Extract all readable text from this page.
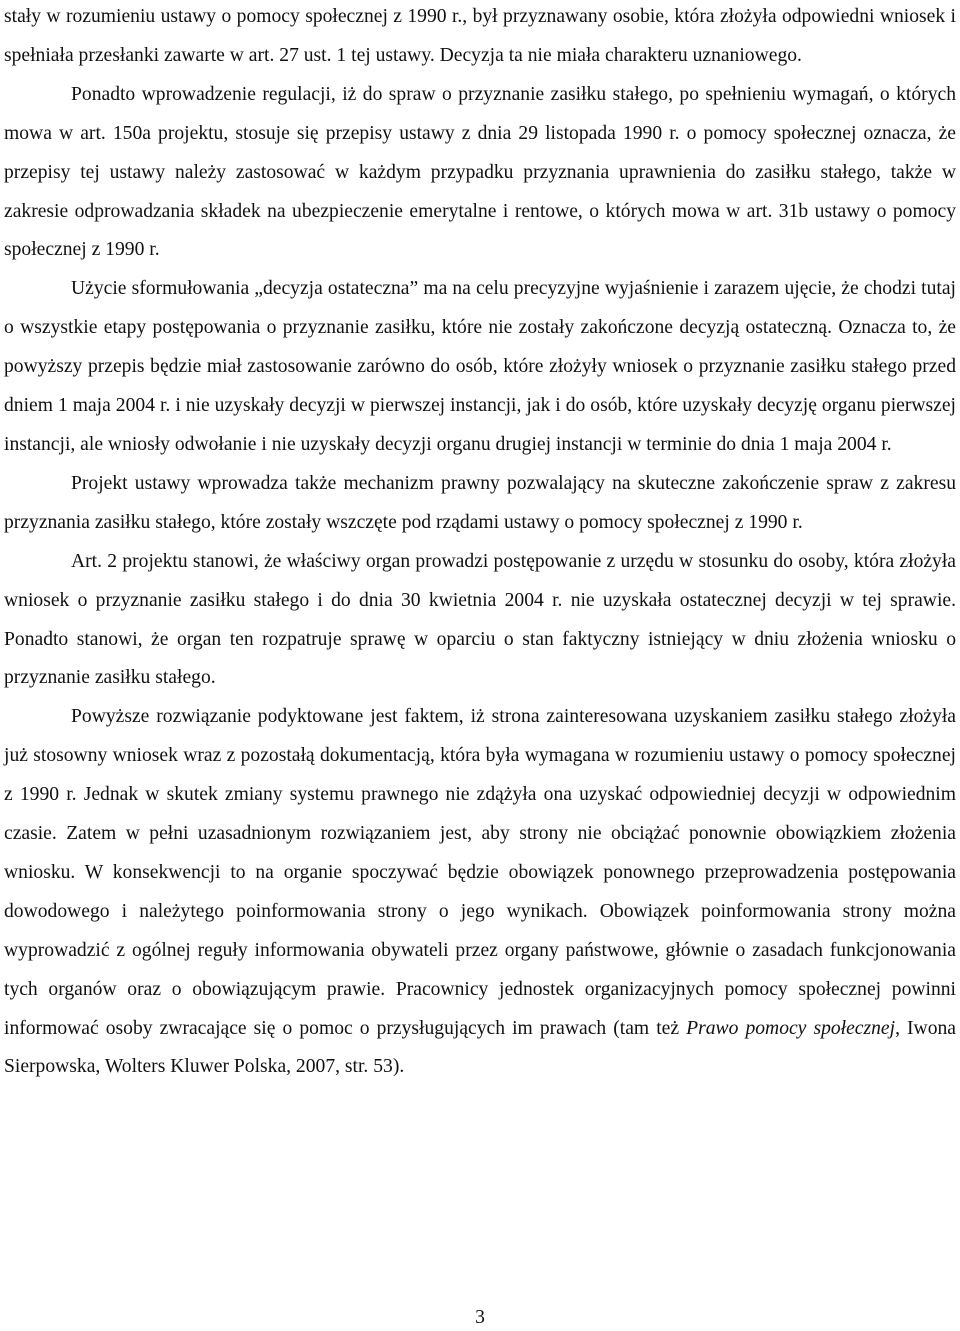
stały w rozumieniu ustawy o pomocy społecznej z 1990 r., był przyznawany osobie, która złożyła odpowiedni wniosek i spełniała przesłanki zawarte w art. 27 ust. 1 tej ustawy. Decyzja ta nie miała charakteru uznaniowego.

Ponadto wprowadzenie regulacji, iż do spraw o przyznanie zasiłku stałego, po spełnieniu wymagań, o których mowa w art. 150a projektu, stosuje się przepisy ustawy z dnia 29 listopada 1990 r. o pomocy społecznej oznacza, że przepisy tej ustawy należy zastosować w każdym przypadku przyznania uprawnienia do zasiłku stałego, także w zakresie odprowadzania składek na ubezpieczenie emerytalne i rentowe, o których mowa w art. 31b ustawy o pomocy społecznej z 1990 r.

Użycie sformułowania „decyzja ostateczna” ma na celu precyzyjne wyjaśnienie i zarazem ujęcie, że chodzi tutaj o wszystkie etapy postępowania o przyznanie zasiłku, które nie zostały zakończone decyzją ostateczną. Oznacza to, że powyższy przepis będzie miał zastosowanie zarówno do osób, które złożyły wniosek o przyznanie zasiłku stałego przed dniem 1 maja 2004 r. i nie uzyskały decyzji w pierwszej instancji, jak i do osób, które uzyskały decyzję organu pierwszej instancji, ale wniosły odwołanie i nie uzyskały decyzji organu drugiej instancji w terminie do dnia 1 maja 2004 r.

Projekt ustawy wprowadza także mechanizm prawny pozwalający na skuteczne zakończenie spraw z zakresu przyznania zasiłku stałego, które zostały wszczęte pod rządami ustawy o pomocy społecznej z 1990 r.

Art. 2 projektu stanowi, że właściwy organ prowadzi postępowanie z urzędu w stosunku do osoby, która złożyła wniosek o przyznanie zasiłku stałego i do dnia 30 kwietnia 2004 r. nie uzyskała ostatecznej decyzji w tej sprawie. Ponadto stanowi, że organ ten rozpatruje sprawę w oparciu o stan faktyczny istniejący w dniu złożenia wniosku o przyznanie zasiłku stałego.

Powyższe rozwiązanie podyktowane jest faktem, iż strona zainteresowana uzyskaniem zasiłku stałego złożyła już stosowny wniosek wraz z pozostałą dokumentacją, która była wymagana w rozumieniu ustawy o pomocy społecznej z 1990 r. Jednak w skutek zmiany systemu prawnego nie zdążyła ona uzyskać odpowiedniej decyzji w odpowiednim czasie. Zatem w pełni uzasadnionym rozwiązaniem jest, aby strony nie obciążać ponownie obowiązkiem złożenia wniosku. W konsekwencji to na organie spoczywać będzie obowiązek ponownego przeprowadzenia postępowania dowodowego i należytego poinformowania strony o jego wynikach. Obowiązek poinformowania strony można wyprowadzić z ogólnej reguły informowania obywateli przez organy państwowe, głównie o zasadach funkcjonowania tych organów oraz o obowiązującym prawie. Pracownicy jednostek organizacyjnych pomocy społecznej powinni informować osoby zwracające się o pomoc o przysługujących im prawach (tam też Prawo pomocy społecznej, Iwona Sierpowska, Wolters Kluwer Polska, 2007, str. 53).

3
